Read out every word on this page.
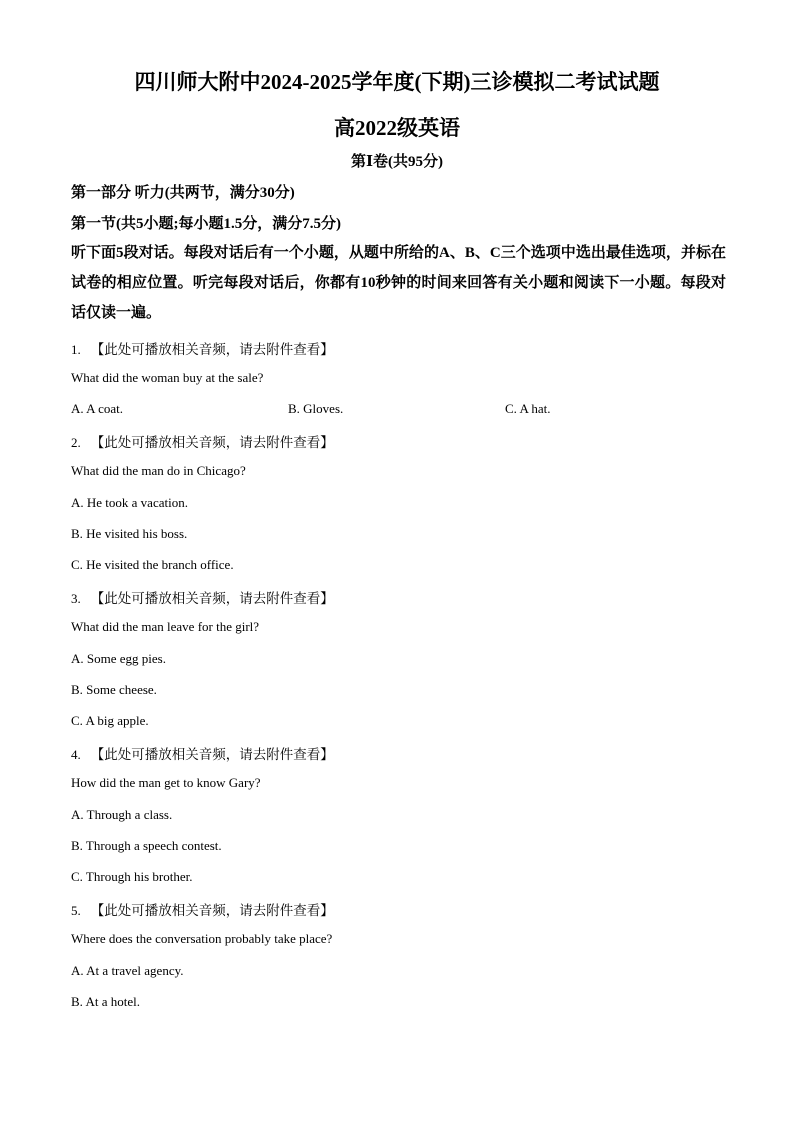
四川师大附中2024-2025学年度(下期)三诊模拟二考试试题
高2022级英语
第Ⅰ卷(共95分)
第一部分 听力(共两节，满分30分)
第一节(共5小题;每小题1.5分，满分7.5分)
听下面5段对话。每段对话后有一个小题，从题中所给的A、B、C三个选项中选出最佳选项，并标在试卷的相应位置。听完每段对话后，你都有10秒钟的时间来回答有关小题和阅读下一小题。每段对话仅读一遍。
1. 【此处可播放相关音频，请去附件查看】
What did the woman buy at the sale?
A. A coat.	B. Gloves.	C. A hat.
2. 【此处可播放相关音频，请去附件查看】
What did the man do in Chicago?
A. He took a vacation.
B. He visited his boss.
C. He visited the branch office.
3. 【此处可播放相关音频，请去附件查看】
What did the man leave for the girl?
A. Some egg pies.
B. Some cheese.
C. A big apple.
4. 【此处可播放相关音频，请去附件查看】
How did the man get to know Gary?
A. Through a class.
B. Through a speech contest.
C. Through his brother.
5. 【此处可播放相关音频，请去附件查看】
Where does the conversation probably take place?
A. At a travel agency.
B. At a hotel.
